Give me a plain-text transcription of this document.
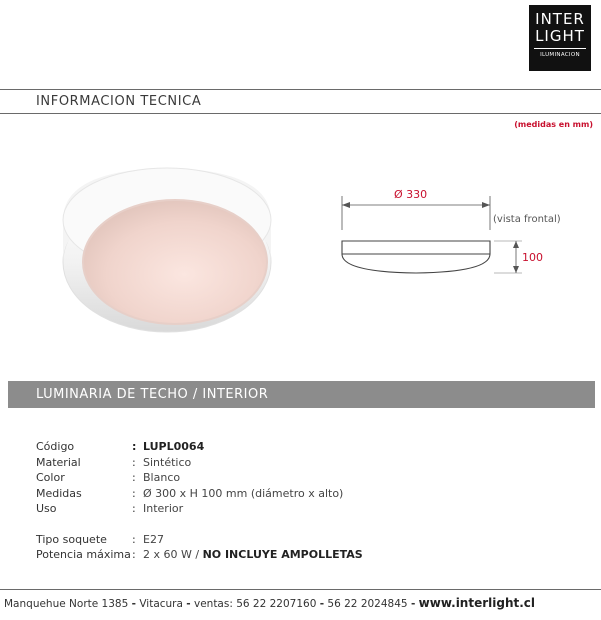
INTER
LIGHT
ILUMINACION
INFORMACION TECNICA
(medidas en mm)
Ø 330
(vista frontal)
100
LUMINARIA DE TECHO / INTERIOR
Código	: LUPL0064
Material	: Sintético
Color	: Blanco
Medidas	: Ø 300 x H 100 mm (diámetro x alto)
Uso	: Interior
Tipo soquete	: E27
Potencia máxima : 2 x 60 W / NO INCLUYE AMPOLLETAS
Manquehue Norte 1385 - Vitacura - ventas: 56 22 2207160 - 56 22 2024845 - www.interlight.cl
